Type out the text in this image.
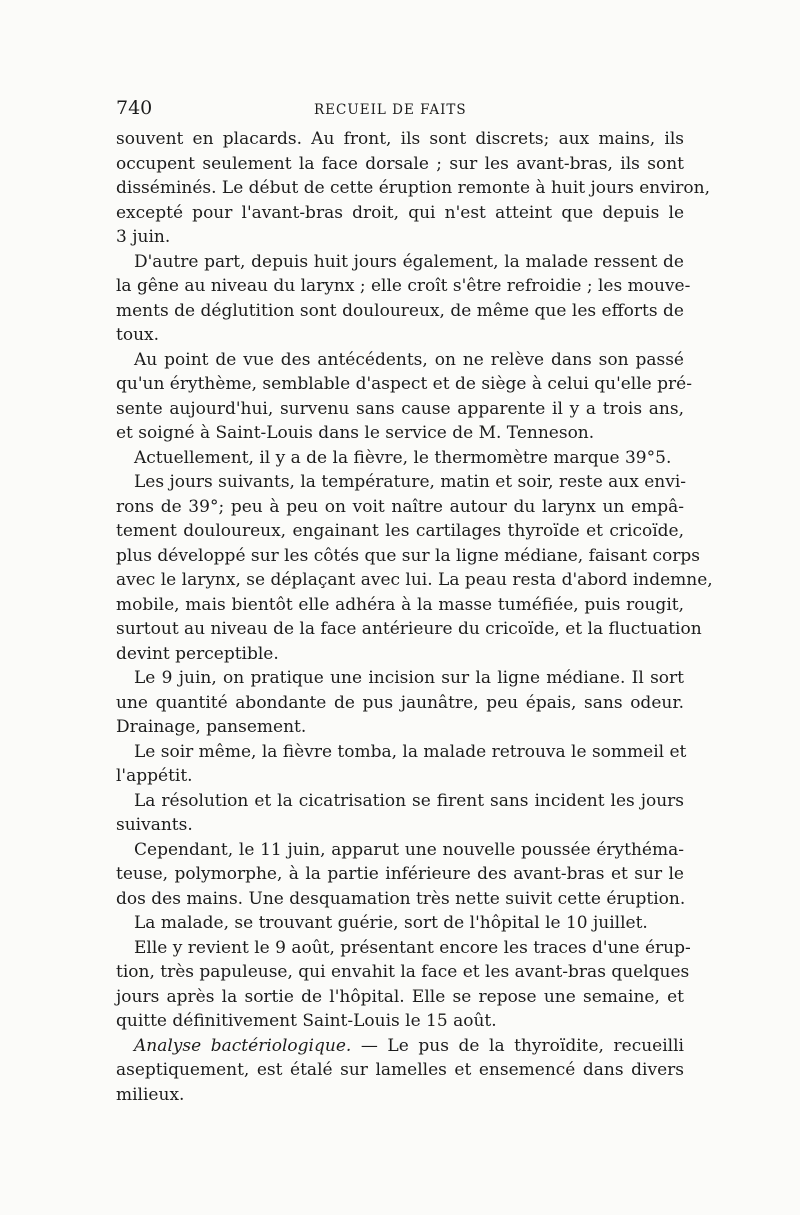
740	RECUEIL DE FAITS
souvent en placards. Au front, ils sont discrets; aux mains, ils
occupent seulement la face dorsale ; sur les avant-bras, ils sont
disséminés. Le début de cette éruption remonte à huit jours environ,
excepté pour l'avant-bras droit, qui n'est atteint que depuis le
3 juin.
D'autre part, depuis huit jours également, la malade ressent de
la gêne au niveau du larynx ; elle croît s'être refroidie ; les mouve-
ments de déglutition sont douloureux, de même que les efforts de
toux.
Au point de vue des antécédents, on ne relève dans son passé
qu'un érythème, semblable d'aspect et de siège à celui qu'elle pré-
sente aujourd'hui, survenu sans cause apparente il y a trois ans,
et soigné à Saint-Louis dans le service de M. Tenneson.
Actuellement, il y a de la fièvre, le thermomètre marque 39°5.
Les jours suivants, la température, matin et soir, reste aux envi-
rons de 39°; peu à peu on voit naître autour du larynx un empâ-
tement douloureux, engainant les cartilages thyroïde et cricoïde,
plus développé sur les côtés que sur la ligne médiane, faisant corps
avec le larynx, se déplaçant avec lui. La peau resta d'abord indemne,
mobile, mais bientôt elle adhéra à la masse tuméfiée, puis rougit,
surtout au niveau de la face antérieure du cricoïde, et la fluctuation
devint perceptible.
Le 9 juin, on pratique une incision sur la ligne médiane. Il sort
une quantité abondante de pus jaunâtre, peu épais, sans odeur.
Drainage, pansement.
Le soir même, la fièvre tomba, la malade retrouva le sommeil et
l'appétit.
La résolution et la cicatrisation se firent sans incident les jours
suivants.
Cependant, le 11 juin, apparut une nouvelle poussée érythéma-
teuse, polymorphe, à la partie inférieure des avant-bras et sur le
dos des mains. Une desquamation très nette suivit cette éruption.
La malade, se trouvant guérie, sort de l'hôpital le 10 juillet.
Elle y revient le 9 août, présentant encore les traces d'une érup-
tion, très papuleuse, qui envahit la face et les avant-bras quelques
jours après la sortie de l'hôpital. Elle se repose une semaine, et
quitte définitivement Saint-Louis le 15 août.
Analyse bactériologique. — Le pus de la thyroïdite, recueilli
aseptiquement, est étalé sur lamelles et ensemencé dans divers
milieux.
